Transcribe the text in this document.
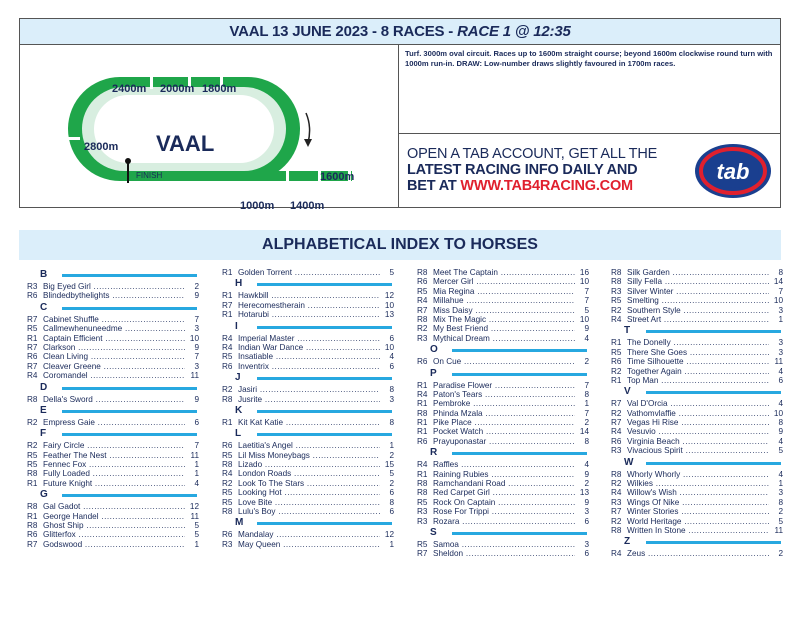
VAAL 13 JUNE 2023 - 8 RACES - RACE 1 @ 12:35
2400m 2000m 1800m
2800m
1600m
1000m 1400m
VAAL
FINISH
Turf. 3000m oval circuit. Races up to 1600m straight course; beyond 1600m clockwise round turn with 1000m run-in. DRAW: Low-number draws slightly favoured in 1700m races.
OPEN A TAB ACCOUNT, GET ALL THE
LATEST RACING INFO DAILY AND
BET AT WWW.TAB4RACING.COM
tab
ALPHABETICAL INDEX TO HORSES
B
R3 Big Eyed Girl .....	2
R6 Blindedbythelights .....	9
C
R7 Cabinet Shuffle .....	7
R5 Callmewhenuneedme .....	3
R1 Captain Efficient .....	10
R7 Clarkson .....	9
R6 Clean Living .....	7
R7 Cleaver Greene .....	3
R4 Coromandel .....	11
D
R8 Della's Sword .....	9
E
R2 Empress Gaie .....	6
F
R2 Fairy Circle .....	7
R5 Feather The Nest .....	11
R5 Fennec Fox .....	1
R8 Fully Loaded .....	1
R1 Future Knight .....	4
G
R8 Gal Gadot .....	12
R1 George Handel .....	11
R8 Ghost Ship .....	5
R6 Glitterfox .....	5
R7 Godswood .....	1
R1 Golden Torrent .....	5
H
R1 Hawkbill .....	12
R7 Herecomestherain .....	10
R1 Hotarubi .....	13
I
R4 Imperial Master .....	6
R4 Indian War Dance .....	10
R5 Insatiable .....	4
R6 Inventrix .....	6
J
R2 Jasiri .....	8
R8 Jusrite .....	3
K
R1 Kit Kat Katie .....	8
L
R6 Laetitia's Angel .....	1
R5 Lil Miss Moneybags .....	2
R8 Lizado .....	15
R4 London Roads .....	5
R2 Look To The Stars .....	2
R5 Looking Hot .....	6
R5 Love Bite .....	8
R8 Lulu's Boy .....	6
M
R6 Mandalay .....	12
R3 May Queen .....	1
R8 Meet The Captain .....	16
R6 Mercer Girl .....	10
R5 Mia Regina .....	7
R4 Millahue .....	7
R7 Miss Daisy .....	5
R8 Mix The Magic .....	10
R2 My Best Friend .....	9
R3 Mythical Dream .....	4
O
R6 On Cue .....	2
P
R1 Paradise Flower .....	7
R4 Paton's Tears .....	8
R1 Pembroke .....	1
R8 Phinda Mzala .....	7
R1 Pike Place .....	2
R1 Pocket Watch .....	14
R6 Prayuponastar .....	8
R
R4 Raffles .....	4
R1 Raining Rubies .....	9
R8 Ramchandani Road .....	2
R8 Red Carpet Girl .....	13
R5 Rock On Captain .....	9
R3 Rose For Trippi .....	3
R3 Rozara .....	6
S
R5 Samoa .....	3
R7 Sheldon .....	6
R8 Silk Garden .....	8
R8 Silly Fella .....	14
R3 Silver Winter .....	7
R5 Smelting .....	10
R2 Southern Style .....	3
R4 Street Art .....	1
T
R1 The Donelly .....	3
R5 There She Goes .....	3
R6 Time Silhouette .....	11
R2 Together Again .....	4
R1 Top Man .....	6
V
R7 Val D'Orcia .....	4
R2 Vathomvlaffie .....	10
R7 Vegas Hi Rise .....	8
R4 Vesuvio .....	9
R6 Virginia Beach .....	4
R3 Vivacious Spirit .....	5
W
R8 Whorly Whorly .....	4
R2 Wilkies .....	1
R4 Willow's Wish .....	3
R3 Wings Of Nike .....	8
R7 Winter Stories .....	2
R2 World Heritage .....	5
R8 Written In Stone .....	11
Z
R4 Zeus .....	2
